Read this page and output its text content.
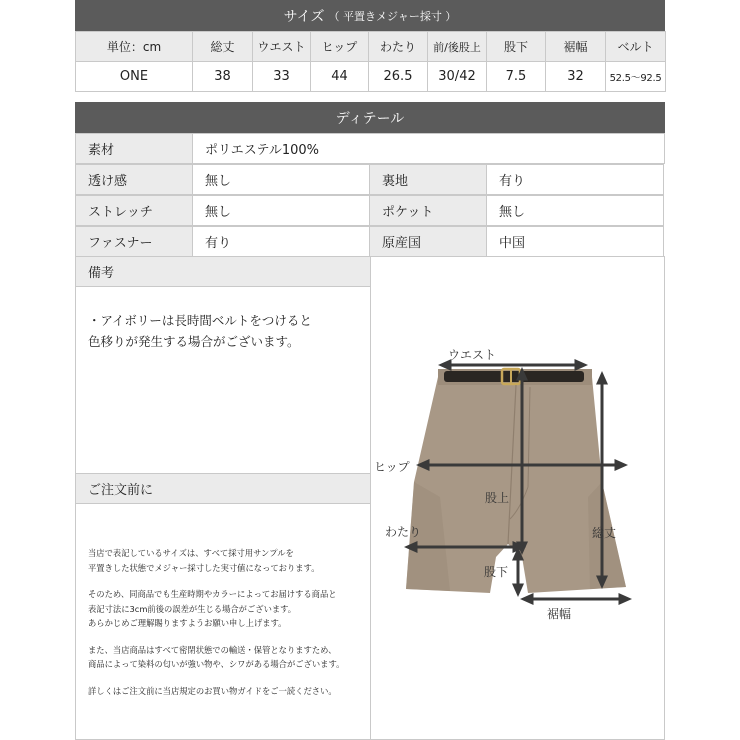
サイズ （ 平置きメジャー採寸 ）
単位：cm	総丈	ウエスト	ヒップ	わたり	前/後股上	股下	裾幅	ベルト
ONE	38	33	44	26.5	30/42	7.5	32	52.5〜92.5
ディテール
素材	ポリエステル100%
透け感	無し	裏地	有り
ストレッチ	無し	ポケット	無し
ファスナー	有り	原産国	中国
備考
・アイボリーは長時間ベルトをつけると
色移りが発生する場合がございます。
ご注文前に

当店で表記しているサイズは、すべて採寸用サンプルを
平置きした状態でメジャー採寸した実寸値になっております。

そのため、同商品でも生産時期やカラーによってお届けする商品と
表記寸法に3cm前後の誤差が生じる場合がございます。
あらかじめご理解賜りますようお願い申し上げます。

また、当店商品はすべて密閉状態での輸送・保管となりますため、
商品によって染料の匂いが強い物や、シワがある場合がございます。

詳しくはご注文前に当店規定のお買い物ガイドをご一読ください。

ウエスト
ヒップ
股上
わたり	総丈
股下
裾幅
